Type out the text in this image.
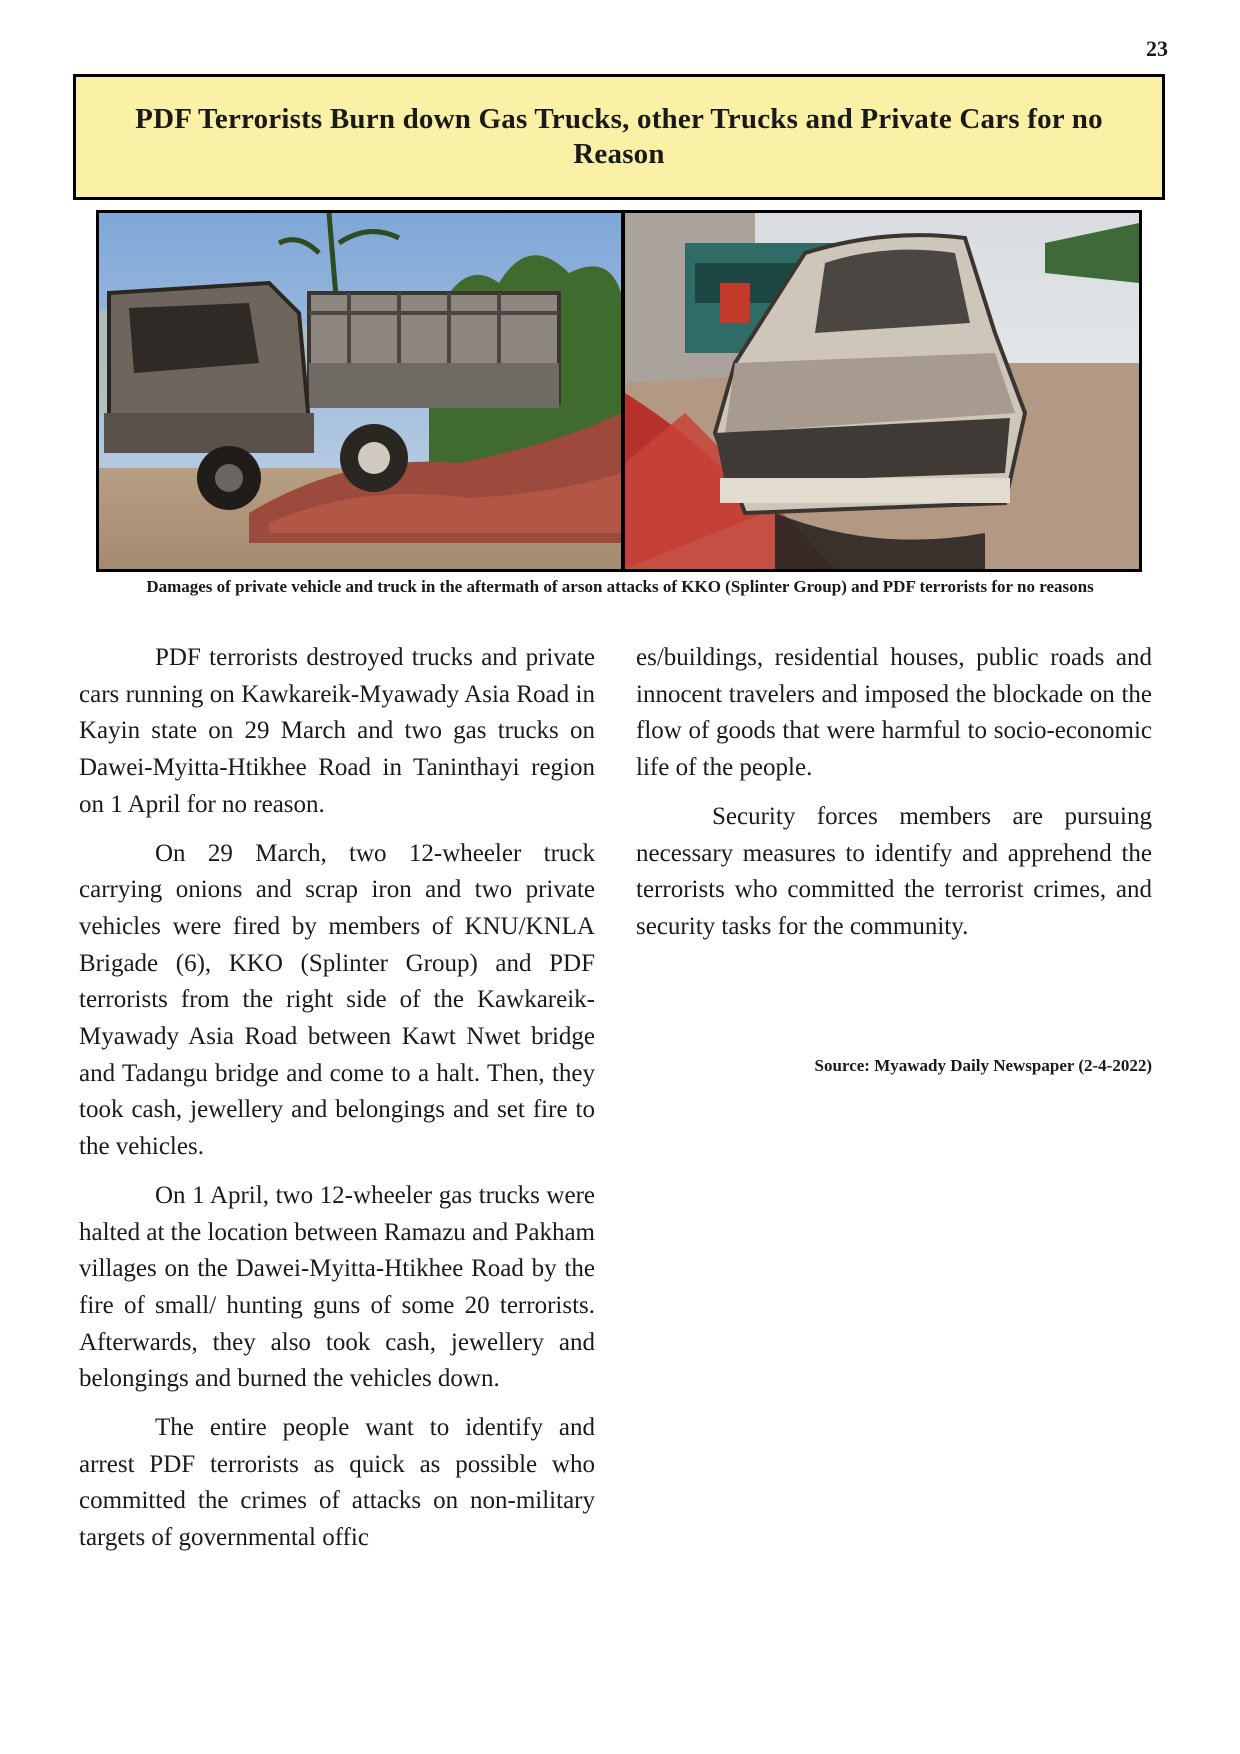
23
PDF Terrorists Burn down Gas Trucks, other Trucks and Private Cars for no Reason
Damages of private vehicle and truck in the aftermath of arson attacks of KKO (Splinter Group) and PDF terrorists for no reasons

PDF terrorists destroyed trucks and private cars running on Kawkareik-Myawady Asia Road in Kayin state on 29 March and two gas trucks on Dawei-Myitta-Htikhee Road in Taninthayi region on 1 April for no reason.

On 29 March, two 12-wheeler truck carrying onions and scrap iron and two private vehicles were fired by members of KNU/KNLA Brigade (6), KKO (Splinter Group) and PDF terrorists from the right side of the Kawkareik-Myawady Asia Road between Kawt Nwet bridge and Tadangu bridge and come to a halt. Then, they took cash, jewellery and belongings and set fire to the vehicles.

On 1 April, two 12-wheeler gas trucks were halted at the location between Ramazu and Pakham villages on the Dawei-Myitta-Htikhee Road by the fire of small/ hunting guns of some 20 terrorists. Afterwards, they also took cash, jewellery and belongings and burned the vehicles down.

The entire people want to identify and arrest PDF terrorists as quick as possible who committed the crimes of attacks on non-military targets of governmental offic

es/buildings, residential houses, public roads and innocent travelers and imposed the blockade on the flow of goods that were harmful to socio-economic life of the people.

Security forces members are pursuing necessary measures to identify and apprehend the terrorists who committed the terrorist crimes, and security tasks for the community.

Source: Myawady Daily Newspaper (2-4-2022)
